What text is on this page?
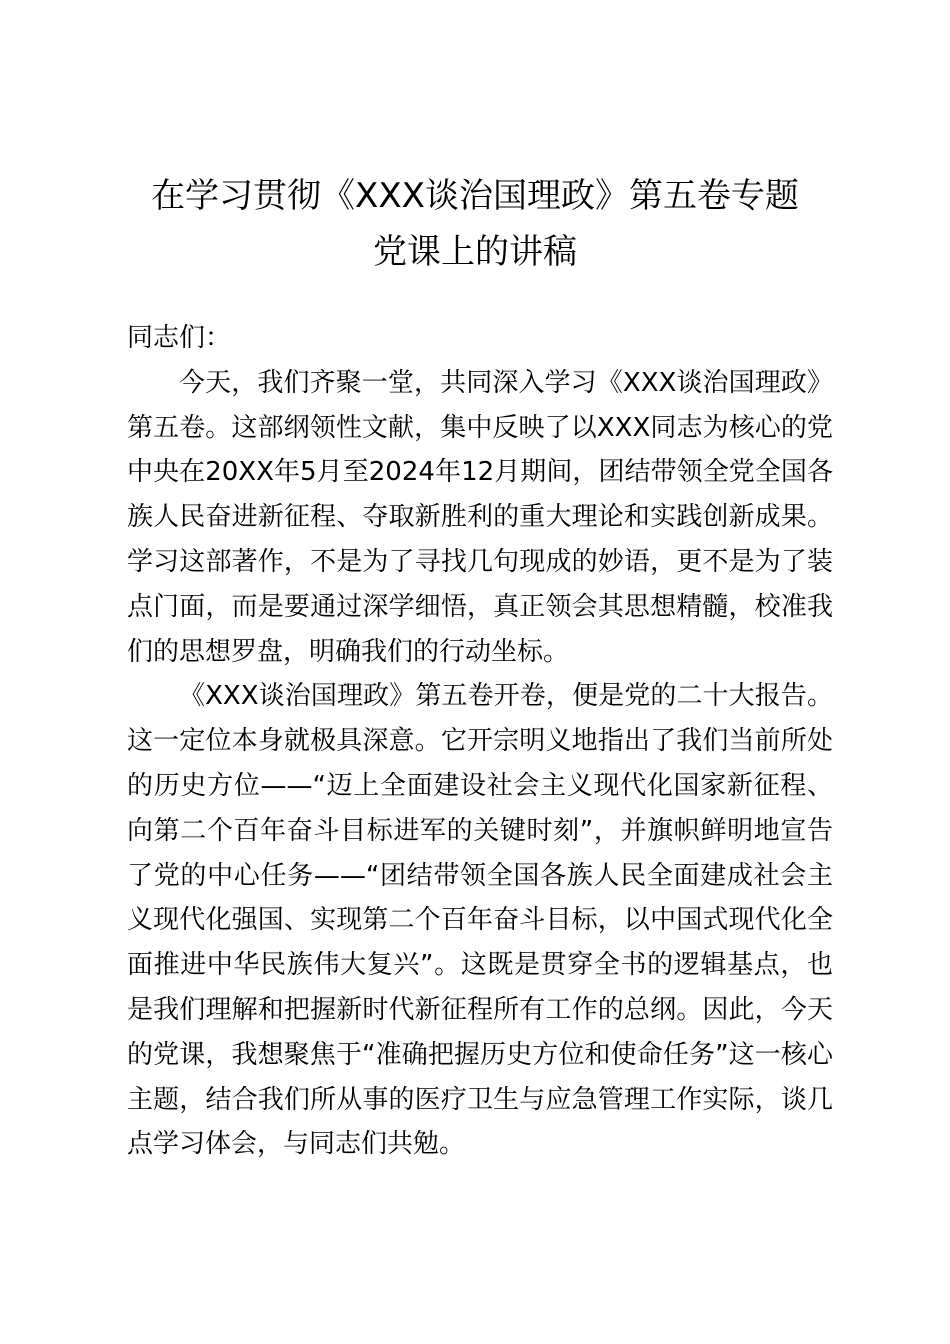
在学习贯彻《XXX谈治国理政》第五卷专题
党课上的讲稿
同志们：

今天，我们齐聚一堂，共同深入学习《XXX谈治国理政》第五卷。这部纲领性文献，集中反映了以XXX同志为核心的党中央在20XX年5月至2024年12月期间，团结带领全党全国各族人民奋进新征程、夺取新胜利的重大理论和实践创新成果。学习这部著作，不是为了寻找几句现成的妙语，更不是为了装点门面，而是要通过深学细悟，真正领会其思想精髓，校准我们的思想罗盘，明确我们的行动坐标。

《XXX谈治国理政》第五卷开卷，便是党的二十大报告。这一定位本身就极具深意。它开宗明义地指出了我们当前所处的历史方位——“迈上全面建设社会主义现代化国家新征程、向第二个百年奋斗目标进军的关键时刻”，并旗帜鲜明地宣告了党的中心任务——“团结带领全国各族人民全面建成社会主义现代化强国、实现第二个百年奋斗目标，以中国式现代化全面推进中华民族伟大复兴”。这既是贯穿全书的逻辑基点，也是我们理解和把握新时代新征程所有工作的总纲。因此，今天的党课，我想聚焦于“准确把握历史方位和使命任务”这一核心主题，结合我们所从事的医疗卫生与应急管理工作实际，谈几点学习体会，与同志们共勉。
